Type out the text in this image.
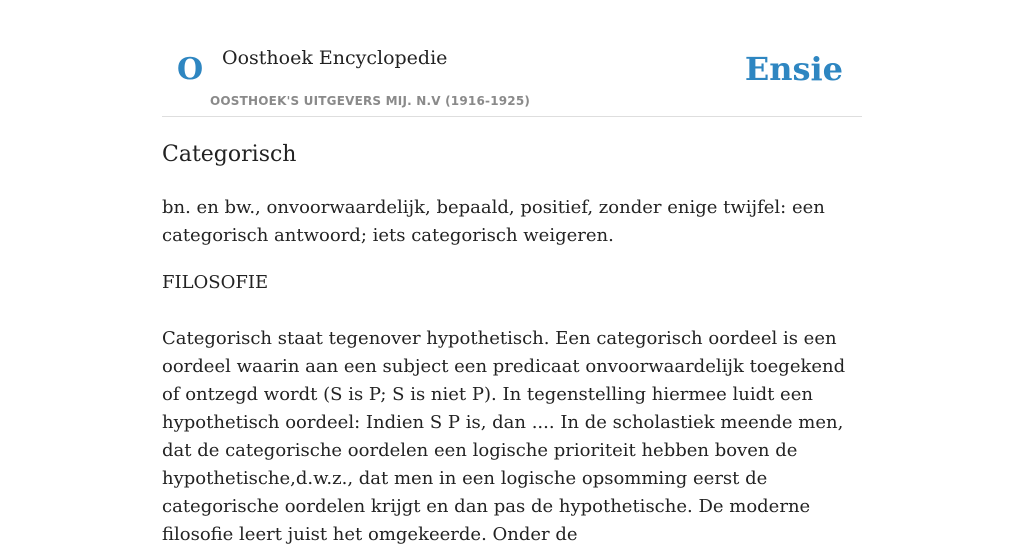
O Oosthoek Encyclopedie
OOSTHOEK'S UITGEVERS MIJ. N.V (1916-1925)
Ensie
Categorisch

bn. en bw., onvoorwaardelijk, bepaald, positief, zonder enige twijfel: een categorisch antwoord; iets categorisch weigeren.

FILOSOFIE

Categorisch staat tegenover hypothetisch. Een categorisch oordeel is een oordeel waarin aan een subject een predicaat onvoorwaardelijk toegekend of ontzegd wordt (S is P; S is niet P). In tegenstelling hiermee luidt een hypothetisch oordeel: Indien S P is, dan .... In de scholastiek meende men, dat de categorische oordelen een logische prioriteit hebben boven de hypothetische,d.w.z., dat men in een logische opsomming eerst de categorische oordelen krijgt en dan pas de hypothetische. De moderne filosofie leert juist het omgekeerde. Onder de
